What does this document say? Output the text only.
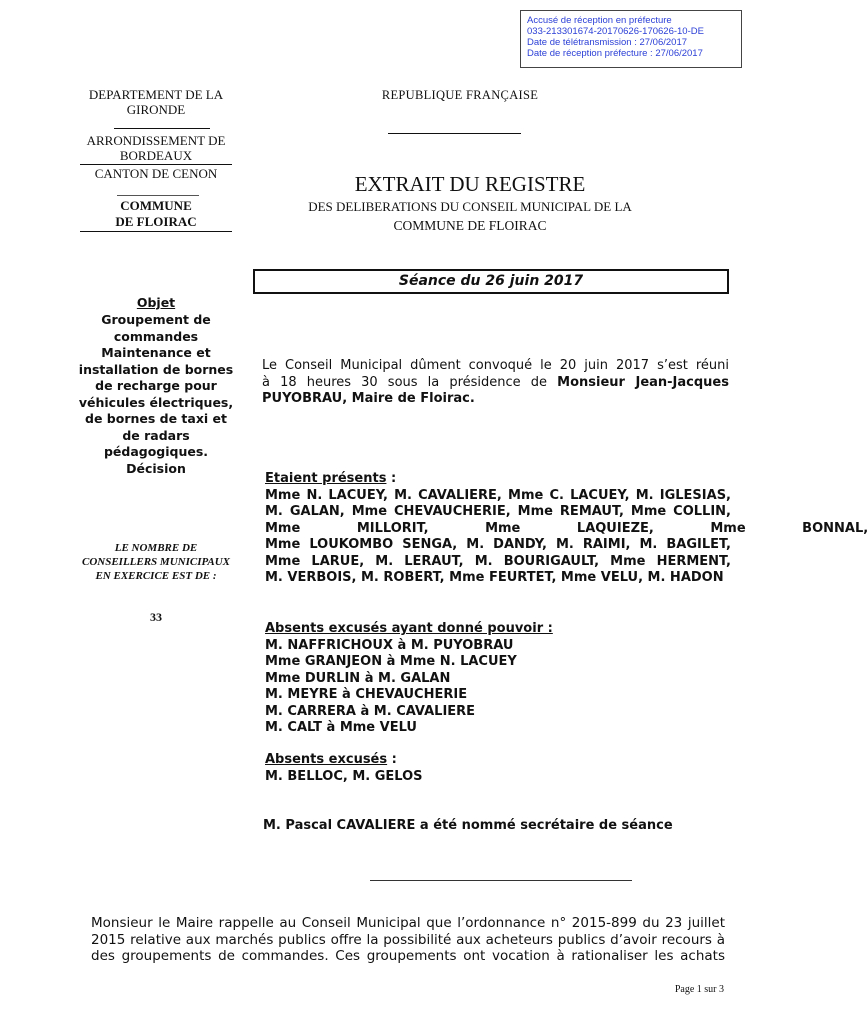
Accusé de réception en préfecture
033-213301674-20170626-170626-10-DE
Date de télétransmission : 27/06/2017
Date de réception préfecture : 27/06/2017
DEPARTEMENT DE LA GIRONDE
ARRONDISSEMENT DE BORDEAUX
CANTON DE CENON
COMMUNE
DE FLOIRAC
REPUBLIQUE FRANÇAISE
EXTRAIT DU REGISTRE
DES DELIBERATIONS DU CONSEIL MUNICIPAL DE LA
COMMUNE DE FLOIRAC
Séance du 26 juin 2017
Objet
Groupement de commandes Maintenance et installation de bornes de recharge pour véhicules électriques, de bornes de taxi et de radars pédagogiques. Décision
LE NOMBRE DE CONSEILLERS MUNICIPAUX EN EXERCICE EST DE :
33
Le Conseil Municipal dûment convoqué le 20 juin 2017 s’est réuni
à 18 heures 30 sous la présidence de Monsieur Jean-Jacques
PUYOBRAU, Maire de Floirac.
Etaient présents :
Mme N. LACUEY, M. CAVALIERE, Mme C. LACUEY, M. IGLESIAS,
M. GALAN, Mme CHEVAUCHERIE, Mme REMAUT, Mme COLLIN,
Mme MILLORIT, Mme LAQUIEZE, Mme BONNAL,
Mme LOUKOMBO SENGA, M. DANDY, M. RAIMI, M. BAGILET,
Mme LARUE, M. LERAUT, M. BOURIGAULT, Mme HERMENT,
M. VERBOIS, M. ROBERT, Mme FEURTET, Mme VELU, M. HADON
Absents excusés ayant donné pouvoir :
M. NAFFRICHOUX à M. PUYOBRAU
Mme GRANJEON à Mme N. LACUEY
Mme DURLIN à M. GALAN
M. MEYRE à CHEVAUCHERIE
M. CARRERA à M. CAVALIERE
M. CALT à Mme VELU
Absents excusés :
M. BELLOC, M. GELOS
M. Pascal CAVALIERE a été nommé secrétaire de séance
Monsieur le Maire rappelle au Conseil Municipal que l’ordonnance n° 2015-899 du 23 juillet
2015 relative aux marchés publics offre la possibilité aux acheteurs publics d’avoir recours à
des groupements de commandes. Ces groupements ont vocation à rationaliser les achats
Page 1 sur 3
